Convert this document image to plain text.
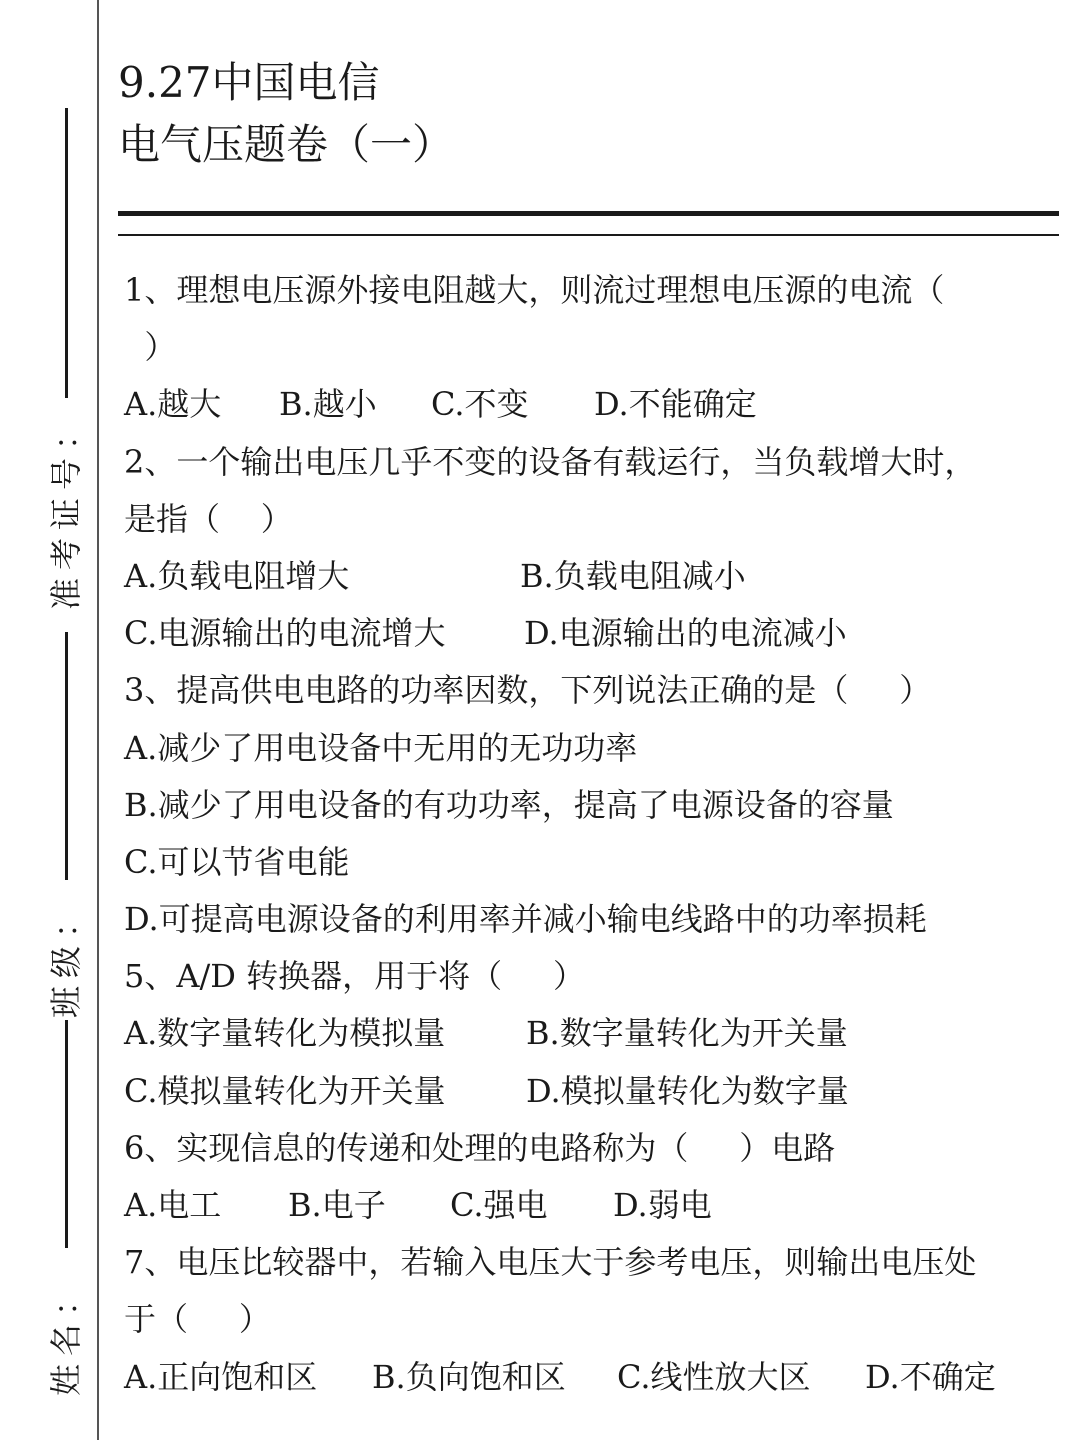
准考证号：
班级：
姓名：
9.27中国电信
电气压题卷（一）
1、理想电压源外接电阻越大，则流过理想电压源的电流（
）
A.越大	B.越小	C.不变	D.不能确定
2、一个输出电压几乎不变的设备有载运行，当负载增大时，
是指（    ）
A.负载电阻增大	B.负载电阻减小
C.电源输出的电流增大	D.电源输出的电流减小
3、提高供电电路的功率因数，下列说法正确的是（     ）
A.减少了用电设备中无用的无功功率
B.减少了用电设备的有功功率，提高了电源设备的容量
C.可以节省电能
D.可提高电源设备的利用率并减小输电线路中的功率损耗
5、A/D 转换器，用于将（     ）
A.数字量转化为模拟量	B.数字量转化为开关量
C.模拟量转化为开关量	D.模拟量转化为数字量
6、实现信息的传递和处理的电路称为（     ）电路
A.电工	B.电子	C.强电	D.弱电
7、电压比较器中，若输入电压大于参考电压，则输出电压处
于（     ）
A.正向饱和区	B.负向饱和区	C.线性放大区	D.不确定
